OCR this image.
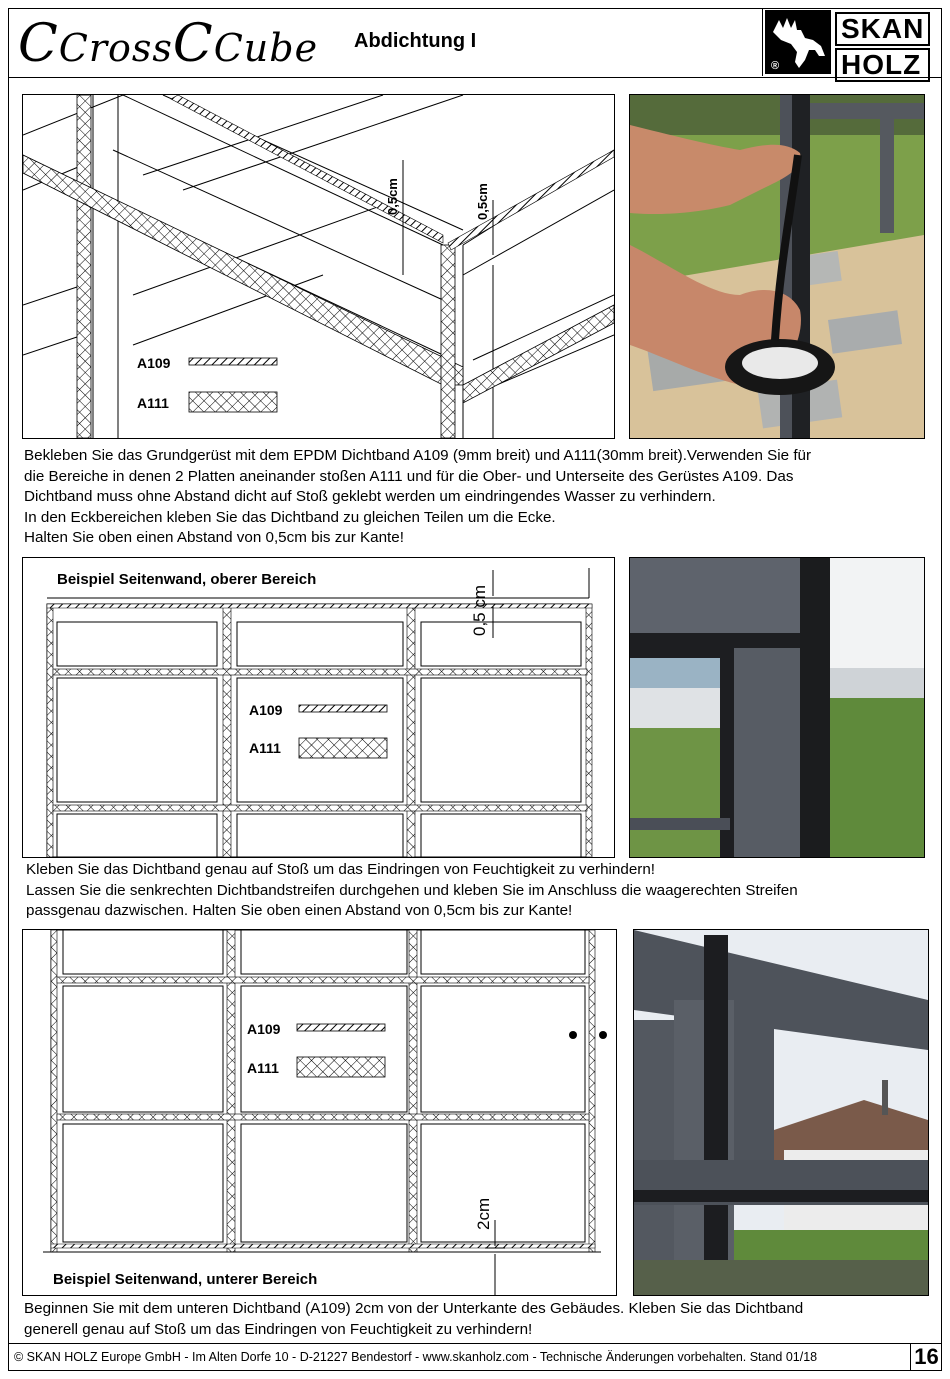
CCrossCCube Abdichtung I
®
SKAN
HOLZ
0,5cm	0,5cm
A109
A111
Bekleben Sie das Grundgerüst mit dem EPDM Dichtband A109 (9mm breit) und A111(30mm breit).Verwenden Sie für
die Bereiche in denen 2 Platten aneinander stoßen A111 und für die Ober- und Unterseite des Gerüstes A109. Das
Dichtband muss ohne Abstand dicht auf Stoß geklebt werden um eindringendes Wasser zu verhindern.
In den Eckbereichen kleben Sie das Dichtband zu gleichen Teilen um die Ecke.
Halten Sie oben einen Abstand von 0,5cm bis zur Kante!
Beispiel Seitenwand, oberer Bereich
0,5 cm
A109
A111
Kleben Sie das Dichtband genau auf Stoß um das Eindringen von Feuchtigkeit zu verhindern!
Lassen Sie die senkrechten Dichtbandstreifen durchgehen und kleben Sie im Anschluss die waagerechten Streifen
passgenau dazwischen. Halten Sie oben einen Abstand von 0,5cm bis zur Kante!
2cm
A109
A111
Beispiel Seitenwand, unterer Bereich
Beginnen Sie mit dem unteren Dichtband (A109) 2cm von der Unterkante des Gebäudes. Kleben Sie das Dichtband
generell genau auf Stoß um das Eindringen von Feuchtigkeit zu verhindern!
© SKAN HOLZ Europe GmbH - Im Alten Dorfe 10 - D-21227 Bendestorf - www.skanholz.com - Technische Änderungen vorbehalten. Stand 01/18	16
